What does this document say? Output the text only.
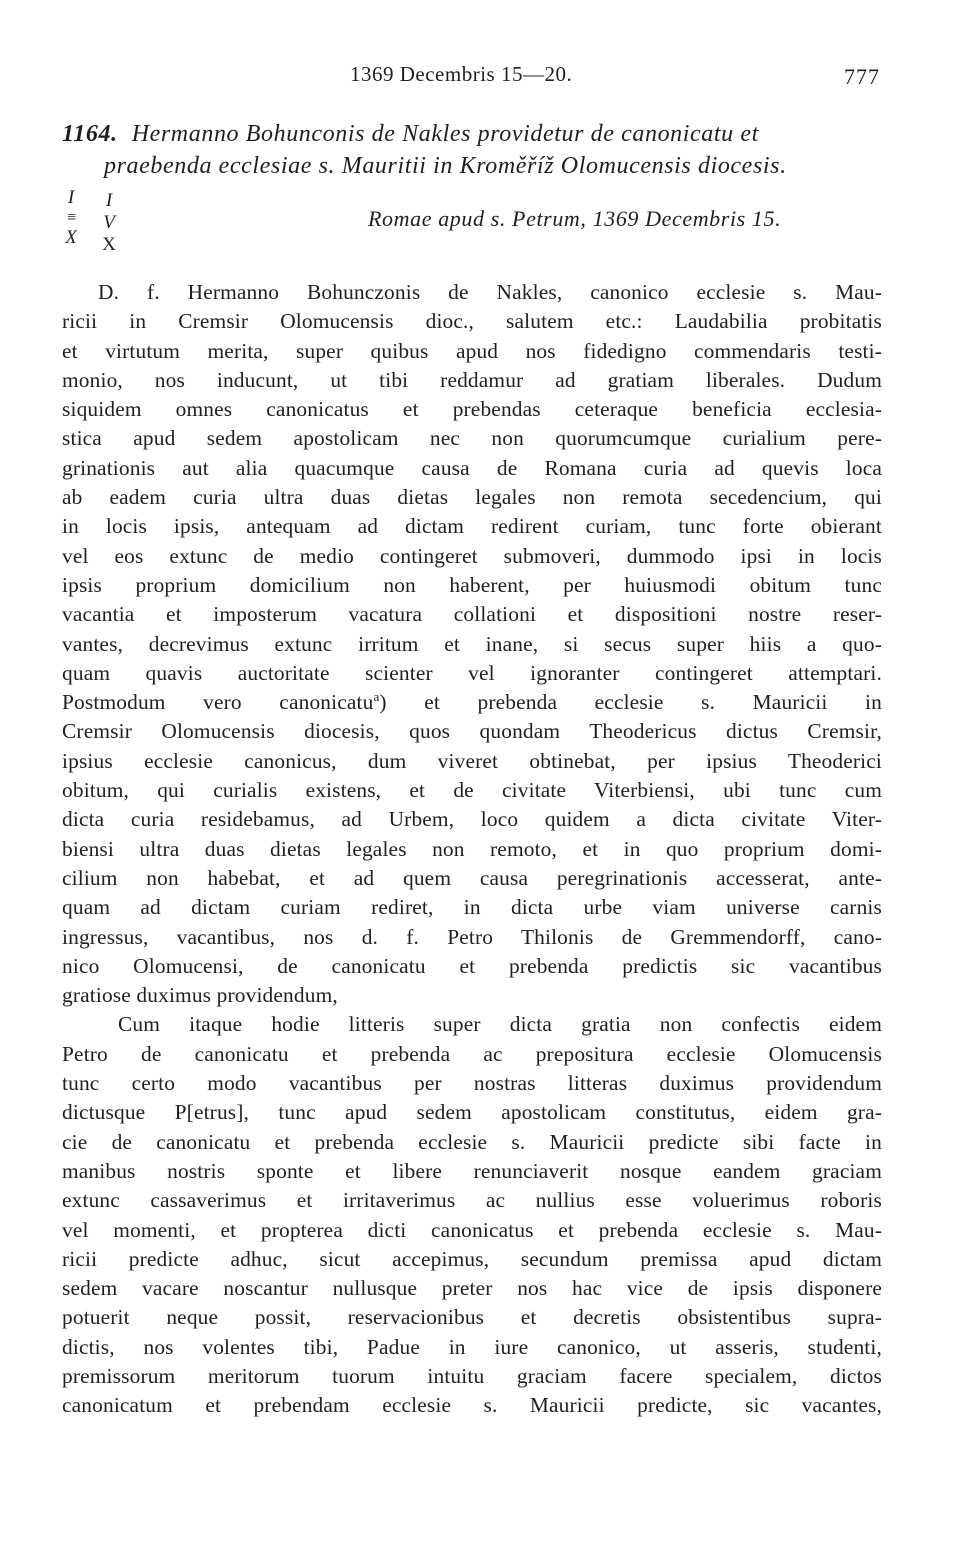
1369 Decembris 15—20.	777
1164. Hermanno Bohunconis de Nakles providetur de canonicatu et
praebenda ecclesiae s. Mauritii in Kroměříž Olomucensis diocesis.
I
≡
X
I
V
X
Romae apud s. Petrum, 1369 Decembris 15.
D. f. Hermanno Bohunczonis de Nakles, canonico ecclesie s. Mau-
ricii in Cremsir Olomucensis dioc., salutem etc.: Laudabilia probitatis
et virtutum merita, super quibus apud nos fidedigno commendaris testi-
monio, nos inducunt, ut tibi reddamur ad gratiam liberales. Dudum
siquidem omnes canonicatus et prebendas ceteraque beneficia ecclesia-
stica apud sedem apostolicam nec non quorumcumque curialium pere-
grinationis aut alia quacumque causa de Romana curia ad quevis loca
ab eadem curia ultra duas dietas legales non remota secedencium, qui
in locis ipsis, antequam ad dictam redirent curiam, tunc forte obierant
vel eos extunc de medio contingeret submoveri, dummodo ipsi in locis
ipsis proprium domicilium non haberent, per huiusmodi obitum tunc
vacantia et imposterum vacatura collationi et dispositioni nostre reser-
vantes, decrevimus extunc irritum et inane, si secus super hiis a quo-
quam quavis auctoritate scienter vel ignoranter contingeret attemptari.
Postmodum vero canonicatu$^a$) et prebenda ecclesie s. Mauricii in
Cremsir Olomucensis diocesis, quos quondam Theodericus dictus Cremsir,
ipsius ecclesie canonicus, dum viveret obtinebat, per ipsius Theoderici
obitum, qui curialis existens, et de civitate Viterbiensi, ubi tunc cum
dicta curia residebamus, ad Urbem, loco quidem a dicta civitate Viter-
biensi ultra duas dietas legales non remoto, et in quo proprium domi-
cilium non habebat, et ad quem causa peregrinationis accesserat, ante-
quam ad dictam curiam rediret, in dicta urbe viam universe carnis
ingressus, vacantibus, nos d. f. Petro Thilonis de Gremmendorff, cano-
nico Olomucensi, de canonicatu et prebenda predictis sic vacantibus
gratiose duximus providendum,
Cum itaque hodie litteris super dicta gratia non confectis eidem
Petro de canonicatu et prebenda ac prepositura ecclesie Olomucensis
tunc certo modo vacantibus per nostras litteras duximus providendum
dictusque P[etrus], tunc apud sedem apostolicam constitutus, eidem gra-
cie de canonicatu et prebenda ecclesie s. Mauricii predicte sibi facte in
manibus nostris sponte et libere renunciaverit nosque eandem graciam
extunc cassaverimus et irritaverimus ac nullius esse voluerimus roboris
vel momenti, et propterea dicti canonicatus et prebenda ecclesie s. Mau-
ricii predicte adhuc, sicut accepimus, secundum premissa apud dictam
sedem vacare noscantur nullusque preter nos hac vice de ipsis disponere
potuerit neque possit, reservacionibus et decretis obsistentibus supra-
dictis, nos volentes tibi, Padue in iure canonico, ut asseris, studenti,
premissorum meritorum tuorum intuitu graciam facere specialem, dictos
canonicatum et prebendam ecclesie s. Mauricii predicte, sic vacantes,
